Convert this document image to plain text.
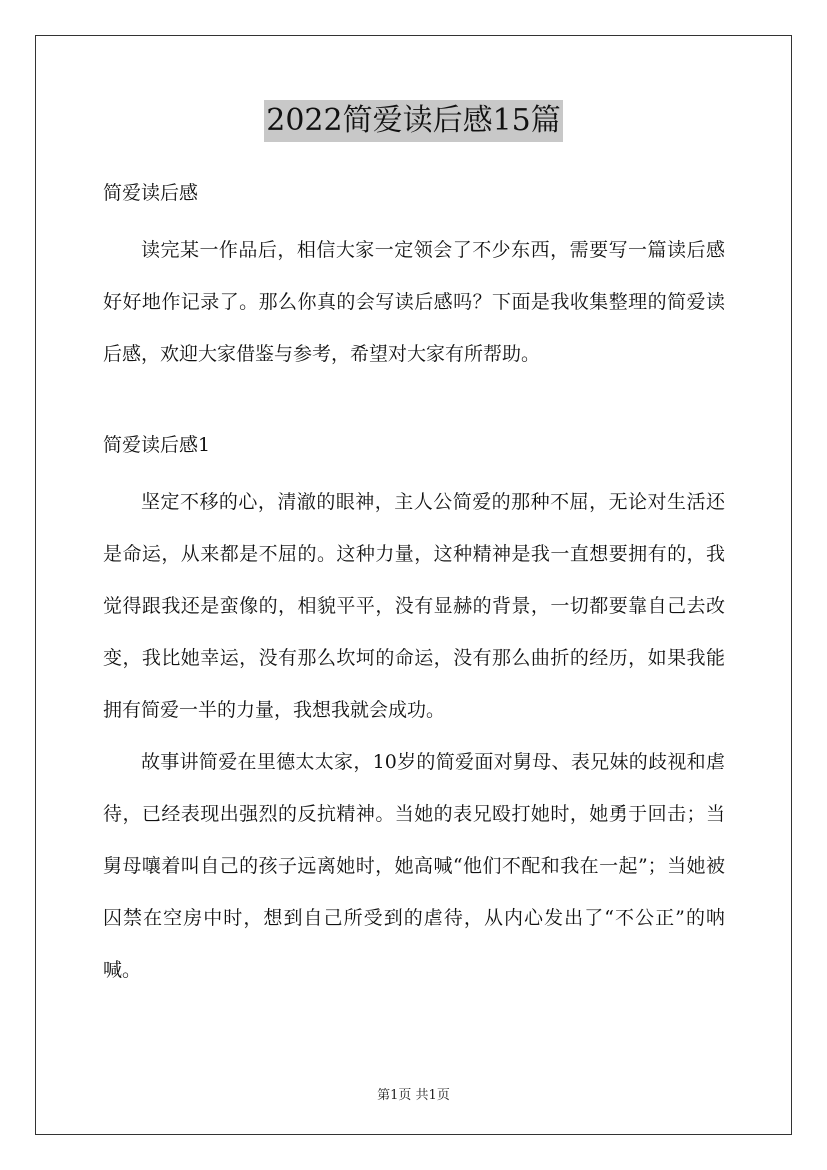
2022简爱读后感15篇

简爱读后感

读完某一作品后，相信大家一定领会了不少东西，需要写一篇读后感好好地作记录了。那么你真的会写读后感吗？下面是我收集整理的简爱读后感，欢迎大家借鉴与参考，希望对大家有所帮助。

简爱读后感1

坚定不移的心，清澈的眼神，主人公简爱的那种不屈，无论对生活还是命运，从来都是不屈的。这种力量，这种精神是我一直想要拥有的，我觉得跟我还是蛮像的，相貌平平，没有显赫的背景，一切都要靠自己去改变，我比她幸运，没有那么坎坷的命运，没有那么曲折的经历，如果我能拥有简爱一半的力量，我想我就会成功。

故事讲简爱在里德太太家，10岁的简爱面对舅母、表兄妹的歧视和虐待，已经表现出强烈的反抗精神。当她的表兄殴打她时，她勇于回击；当舅母嚷着叫自己的孩子远离她时，她高喊“他们不配和我在一起”；当她被囚禁在空房中时，想到自己所受到的虐待，从内心发出了“不公正”的呐喊。

第1页 共1页
